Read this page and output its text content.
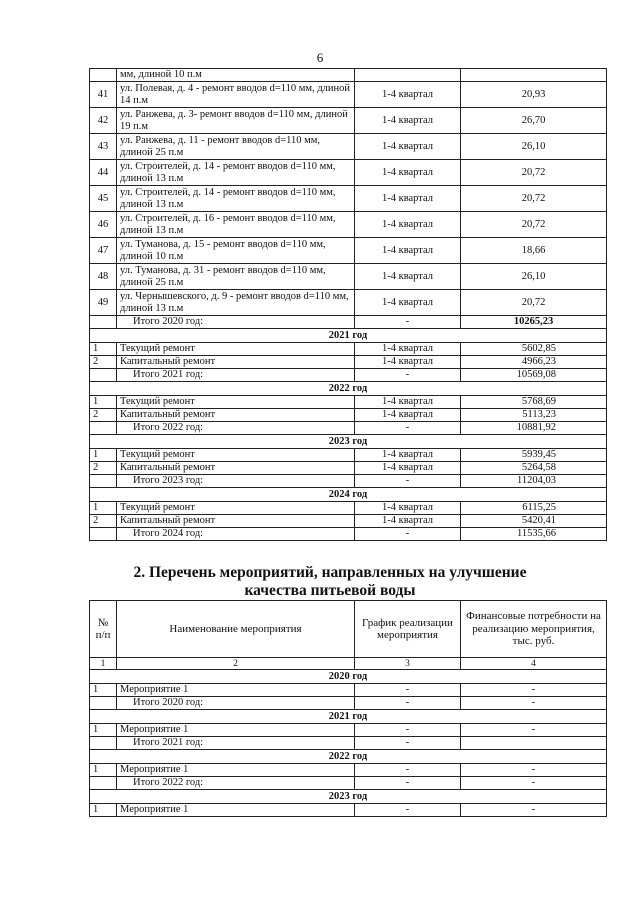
6
	мм, длиной 10 п.м		
41	ул. Полевая, д. 4 - ремонт вводов d=110 мм, длиной 14 п.м	1-4 квартал	20,93
42	ул. Ранжева, д. 3- ремонт вводов d=110 мм, длиной 19 п.м	1-4 квартал	26,70
43	ул. Ранжева, д. 11 - ремонт вводов d=110 мм, длиной 25 п.м	1-4 квартал	26,10
44	ул. Строителей, д. 14 - ремонт вводов d=110 мм, длиной 13 п.м	1-4 квартал	20,72
45	ул. Строителей, д. 14 - ремонт вводов d=110 мм, длиной 13 п.м	1-4 квартал	20,72
46	ул. Строителей, д. 16 - ремонт вводов d=110 мм, длиной 13 п.м	1-4 квартал	20,72
47	ул. Туманова, д. 15 - ремонт вводов d=110 мм, длиной 10 п.м	1-4 квартал	18,66
48	ул. Туманова, д. 31 - ремонт вводов d=110 мм, длиной 25 п.м	1-4 квартал	26,10
49	ул. Чернышевского, д. 9 - ремонт вводов d=110 мм, длиной 13 п.м	1-4 квартал	20,72
	Итого 2020 год:	-	10265,23
2021 год			
1	Текущий ремонт	1-4 квартал	5602,85
2	Капитальный ремонт	1-4 квартал	4966,23
	Итого 2021 год:	-	10569,08
2022 год			
1	Текущий ремонт	1-4 квартал	5768,69
2	Капитальный ремонт	1-4 квартал	5113,23
	Итого 2022 год:	-	10881,92
2023 год			
1	Текущий ремонт	1-4 квартал	5939,45
2	Капитальный ремонт	1-4 квартал	5264,58
	Итого 2023 год:	-	11204,03
2024 год			
1	Текущий ремонт	1-4 квартал	6115,25
2	Капитальный ремонт	1-4 квартал	5420,41
	Итого 2024 год:	-	11535,66
2. Перечень мероприятий, направленных на улучшение качества питьевой воды
№ п/п	Наименование мероприятия	График реализации мероприятия	Финансовые потребности на реализацию мероприятия, тыс. руб.
1	2	3	4
2020 год			
1	Мероприятие 1	-	-
	Итого 2020 год:	-	-
2021 год			
1	Мероприятие 1	-	-
	Итого 2021 год:	-	
2022 год			
1	Мероприятие 1	-	-
	Итого 2022 год:	-	-
2023 год			
1	Мероприятие 1	-	-
